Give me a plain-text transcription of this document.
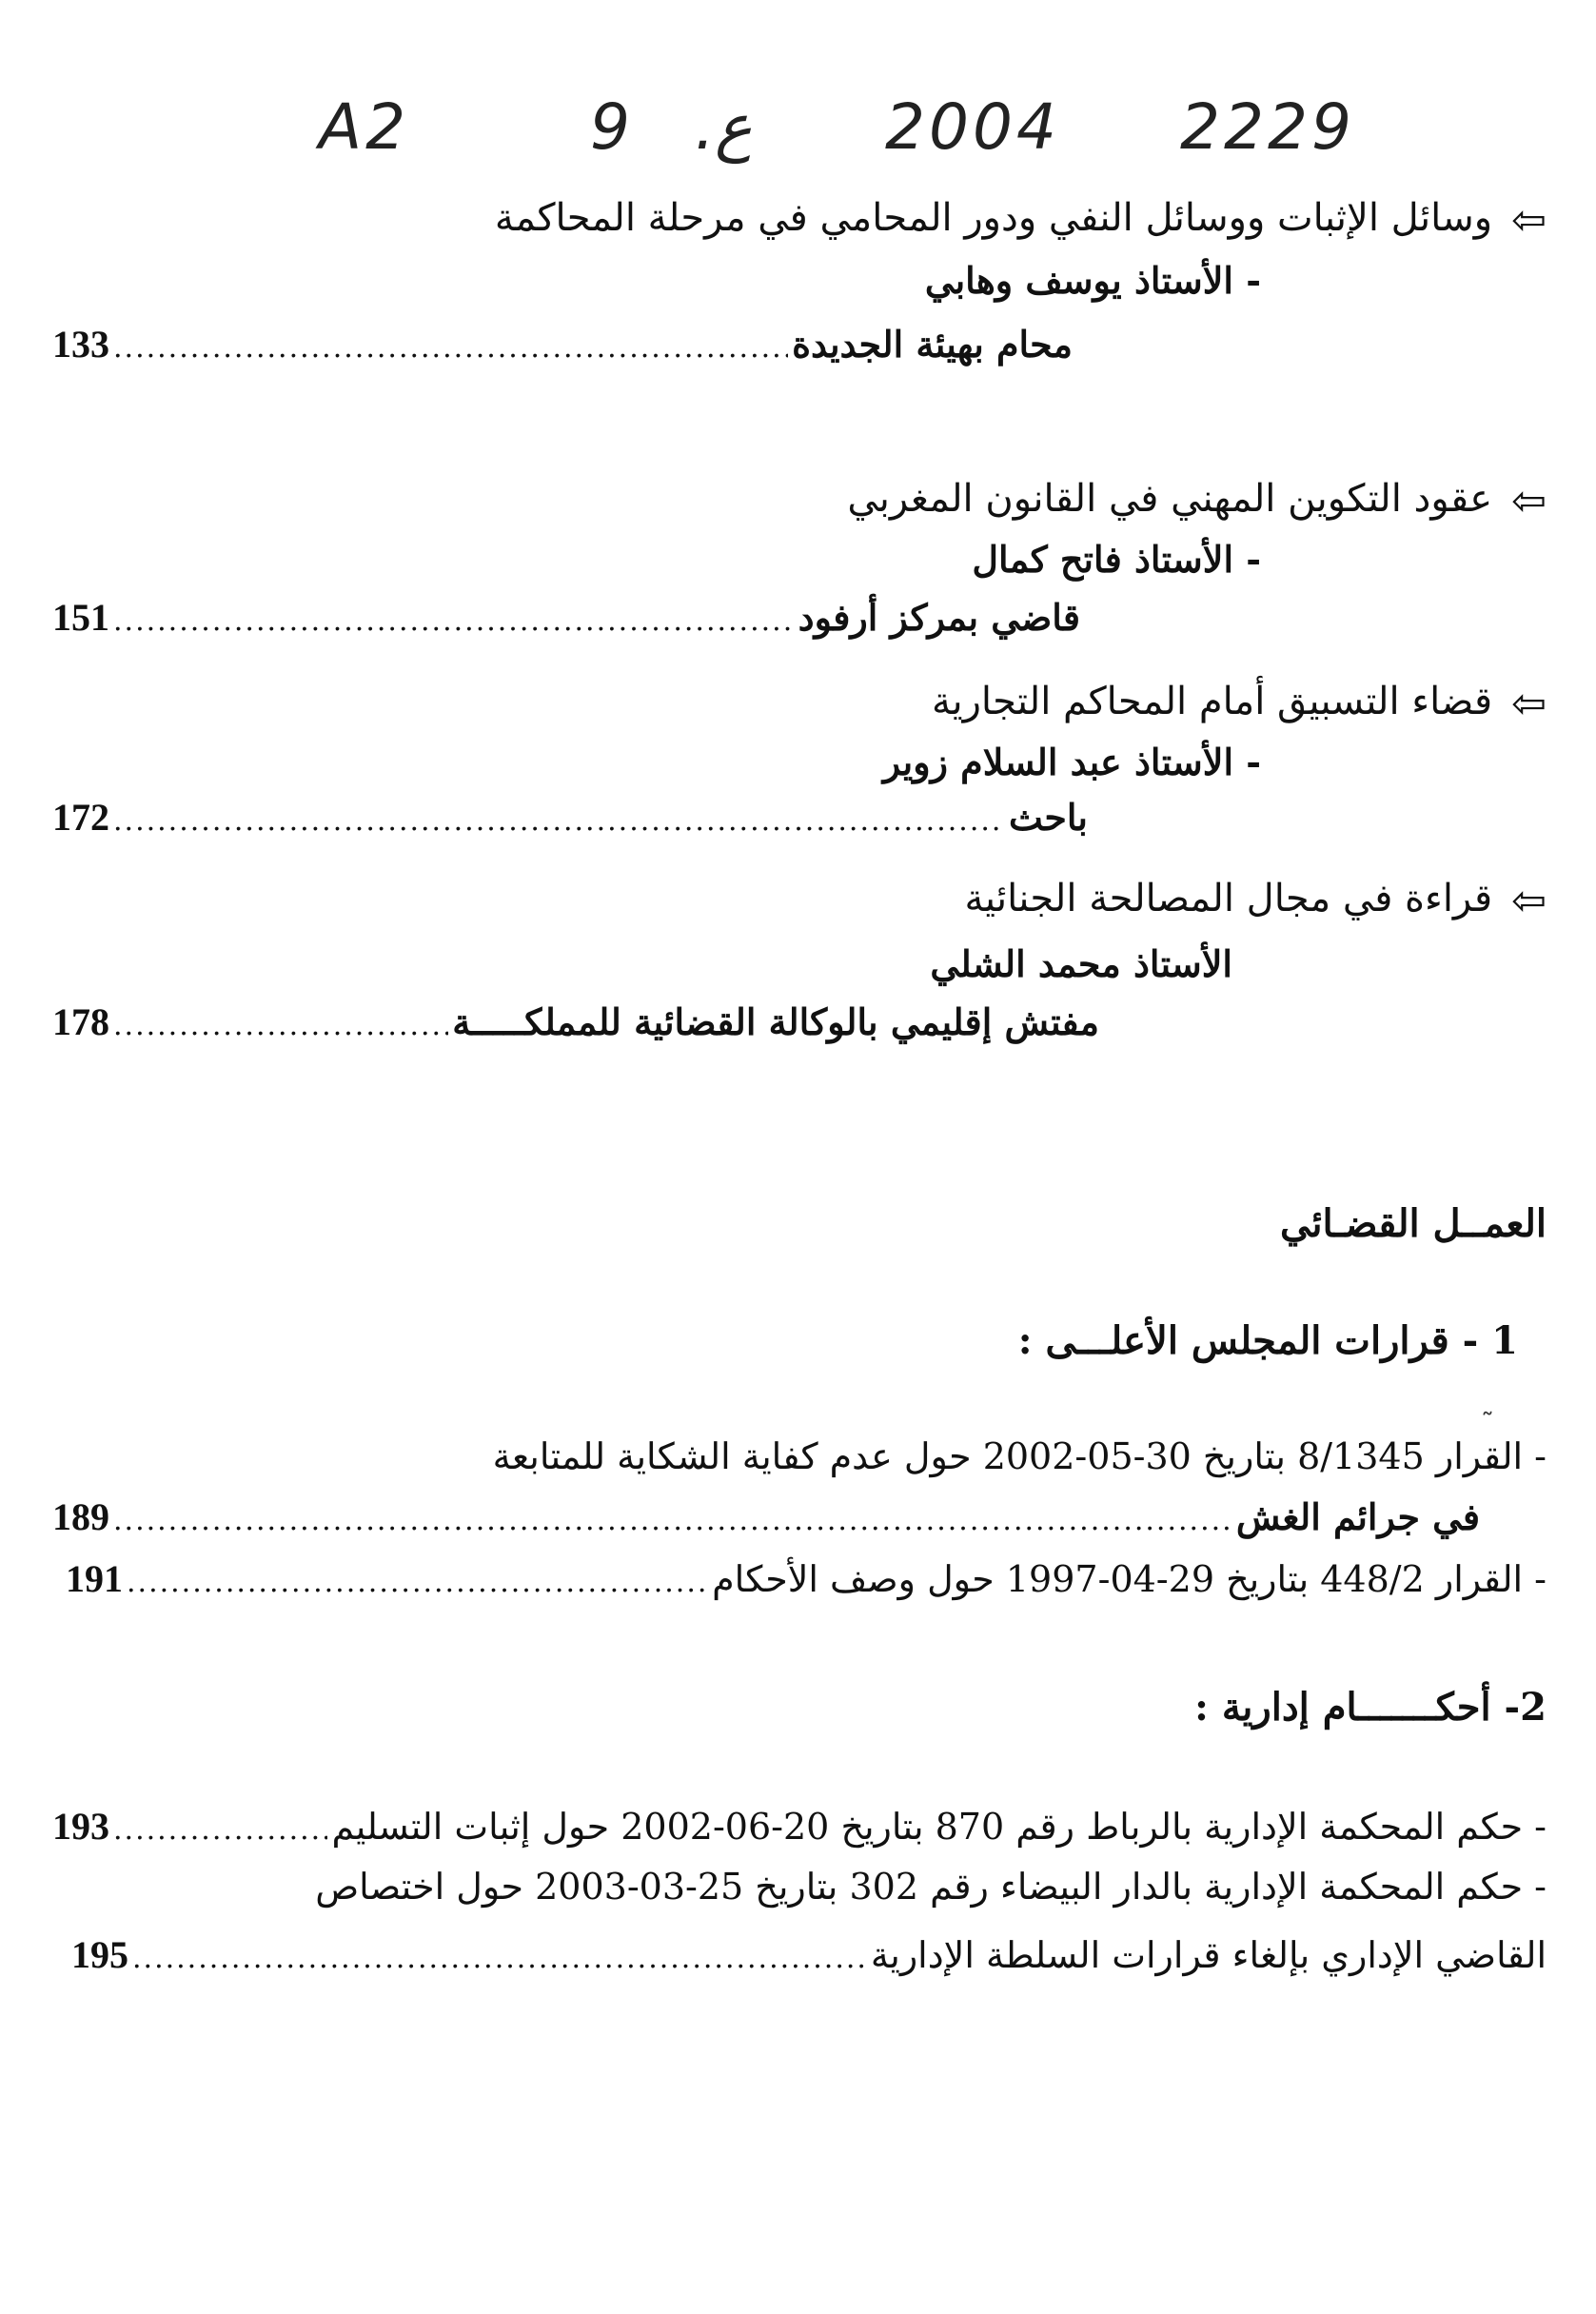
A2	9 .ع 2004 2229
⇦وسائل الإثبات ووسائل النفي ودور المحامي في مرحلة المحاكمة
- الأستاذ يوسف وهابي
محام بهيئة الجديدة
.....
133
⇦عقود التكوين المهني في القانون المغربي
- الأستاذ فاتح كمال
قاضي بمركز أرفود
.....
151
⇦قضاء التسبيق أمام المحاكم التجارية
- الأستاذ عبد السلام زوير
باحث
.....
172
⇦قراءة في مجال المصالحة الجنائية
الأستاذ محمد الشلي
مفتش إقليمي بالوكالة القضائية للمملكـــــة
.....
178
العمــل القضـائي
1 - قرارات المجلس الأعلـــى :
˜
- القرار 8/1345 بتاريخ 30-05-2002 حول عدم كفاية الشكاية للمتابعة
في جرائم الغش
.....
189
- القرار 448/2 بتاريخ 29-04-1997 حول وصف الأحكام
.....
191
2- أحكـــــــام إدارية :
- حكم المحكمة الإدارية بالرباط رقم 870 بتاريخ 20-06-2002 حول إثبات التسليم
.....
193
- حكم المحكمة الإدارية بالدار البيضاء رقم 302 بتاريخ 25-03-2003 حول اختصاص
القاضي الإداري بإلغاء قرارات السلطة الإدارية
.....
195
